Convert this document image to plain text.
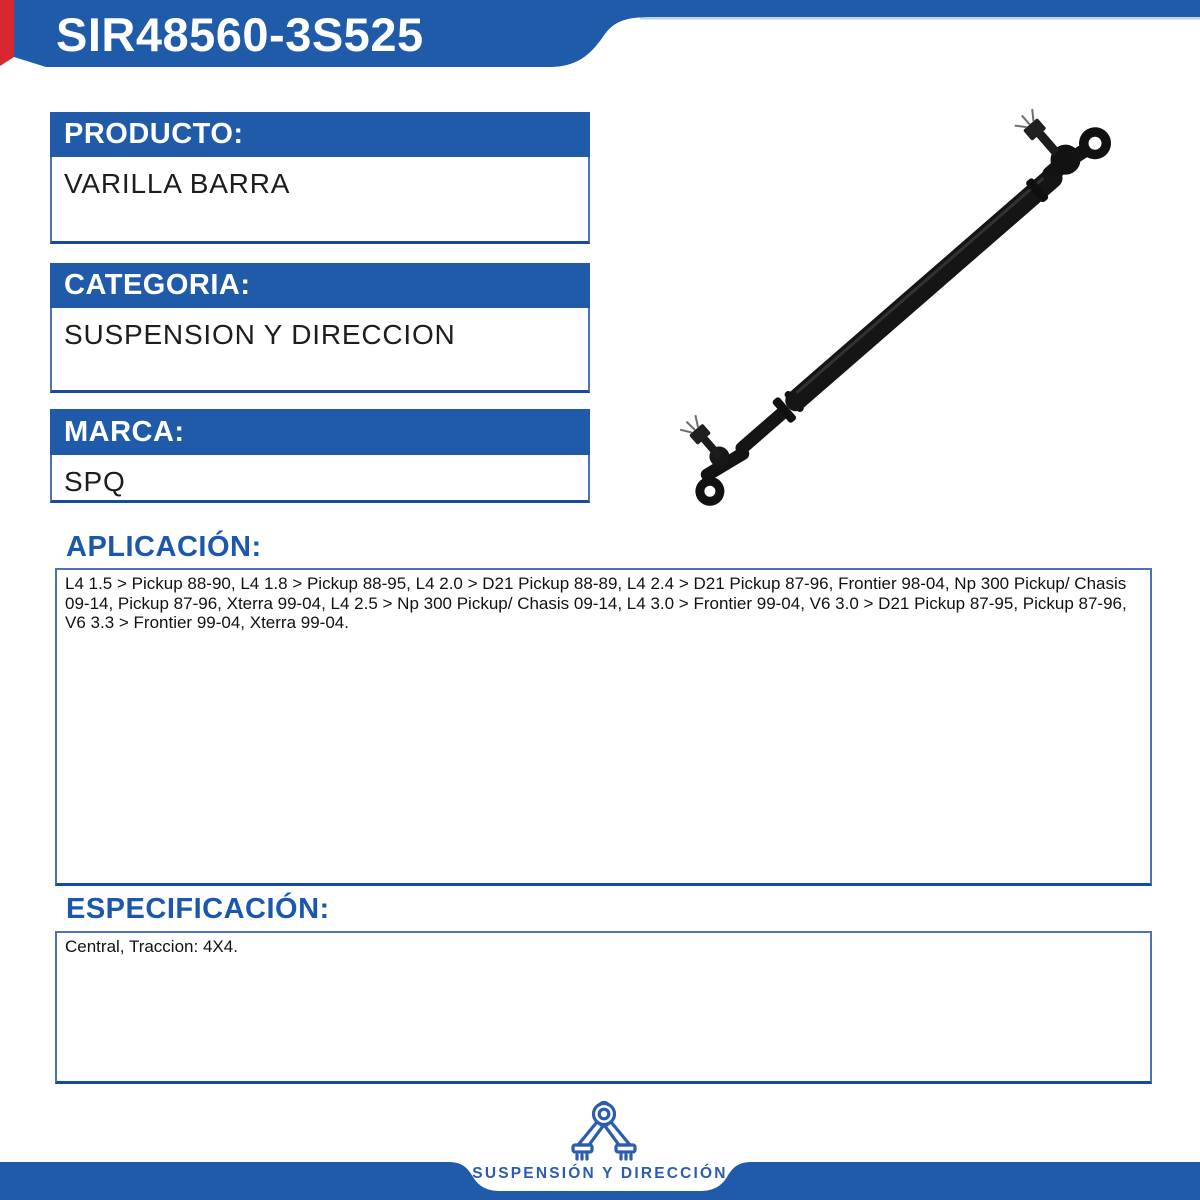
SIR48560-3S525
PRODUCTO:
VARILLA BARRA
CATEGORIA:
SUSPENSION Y DIRECCION
MARCA:
SPQ
APLICACIÓN:
L4 1.5 > Pickup 88-90, L4 1.8 > Pickup 88-95, L4 2.0 > D21 Pickup 88-89, L4 2.4 > D21 Pickup 87-96, Frontier 98-04, Np 300 Pickup/ Chasis 09-14, Pickup 87-96, Xterra 99-04, L4 2.5 > Np 300 Pickup/ Chasis 09-14, L4 3.0 > Frontier 99-04, V6 3.0 > D21 Pickup 87-95, Pickup 87-96, V6 3.3 > Frontier 99-04, Xterra 99-04.
ESPECIFICACIÓN:
Central, Traccion: 4X4.
SUSPENSIÓN Y DIRECCIÓN
